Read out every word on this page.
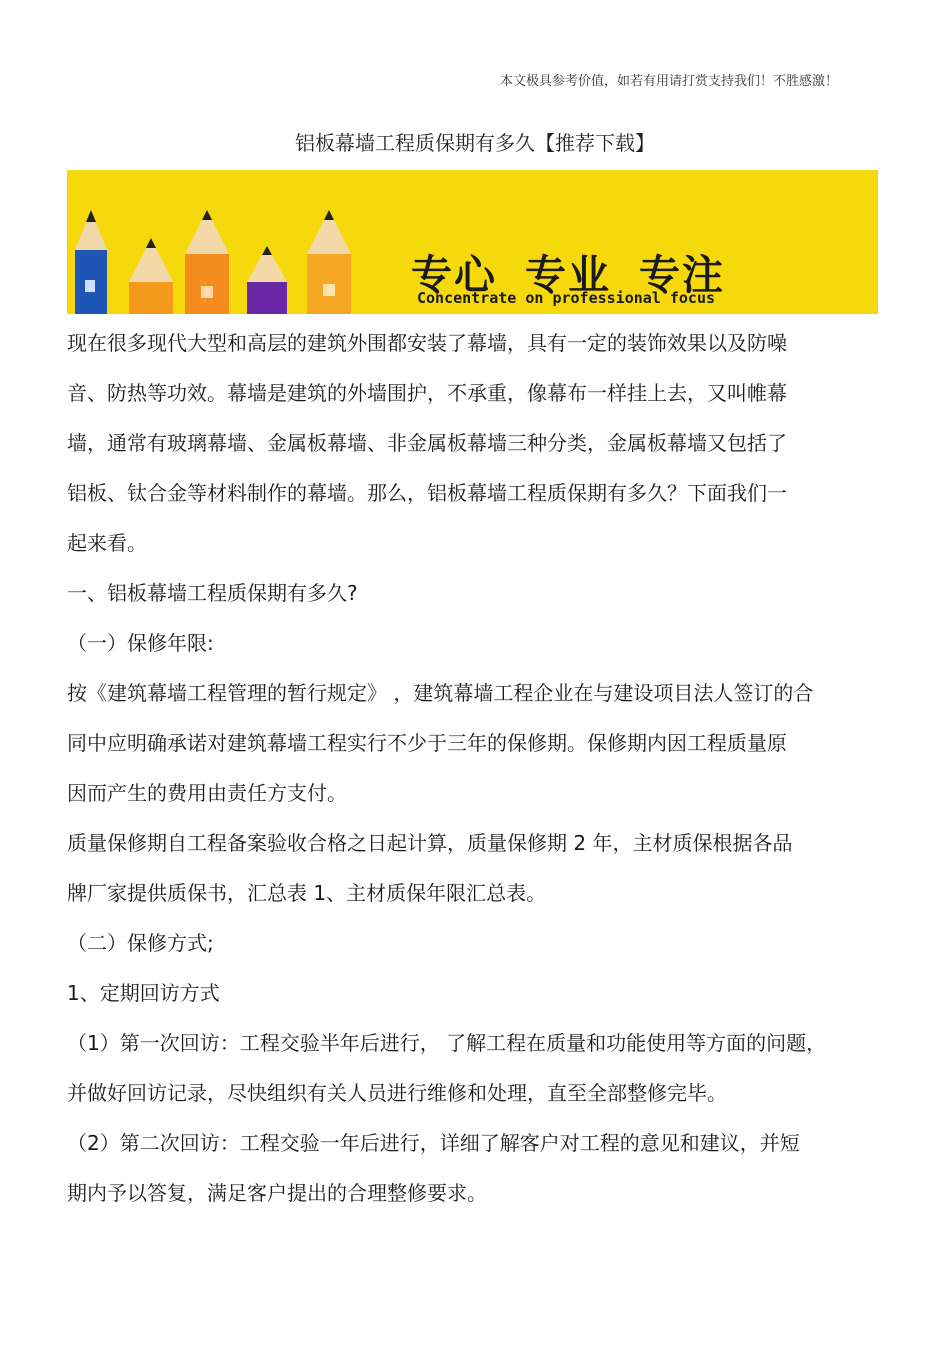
本文极具参考价值，如若有用请打赏支持我们！不胜感激！
铝板幕墙工程质保期有多久【推荐下载】
专心 专业 专注
Concentrate on professional focus

现在很多现代大型和高层的建筑外围都安装了幕墙，具有一定的装饰效果以及防噪

音、防热等功效。幕墙是建筑的外墙围护，不承重，像幕布一样挂上去，又叫帷幕

墙，通常有玻璃幕墙、金属板幕墙、非金属板幕墙三种分类，金属板幕墙又包括了

铝板、钛合金等材料制作的幕墙。那么，铝板幕墙工程质保期有多久？下面我们一

起来看。

一、铝板幕墙工程质保期有多久?

（一）保修年限:

按《建筑幕墙工程管理的暂行规定》 ，建筑幕墙工程企业在与建设项目法人签订的合

同中应明确承诺对建筑幕墙工程实行不少于三年的保修期。保修期内因工程质量原

因而产生的费用由责任方支付。

质量保修期自工程备案验收合格之日起计算，质量保修期 2 年，主材质保根据各品

牌厂家提供质保书，汇总表 1、主材质保年限汇总表。

（二）保修方式;

1、定期回访方式

（1）第一次回访：工程交验半年后进行， 了解工程在质量和功能使用等方面的问题，

并做好回访记录，尽快组织有关人员进行维修和处理，直至全部整修完毕。

（2）第二次回访：工程交验一年后进行，详细了解客户对工程的意见和建议，并短

期内予以答复，满足客户提出的合理整修要求。
